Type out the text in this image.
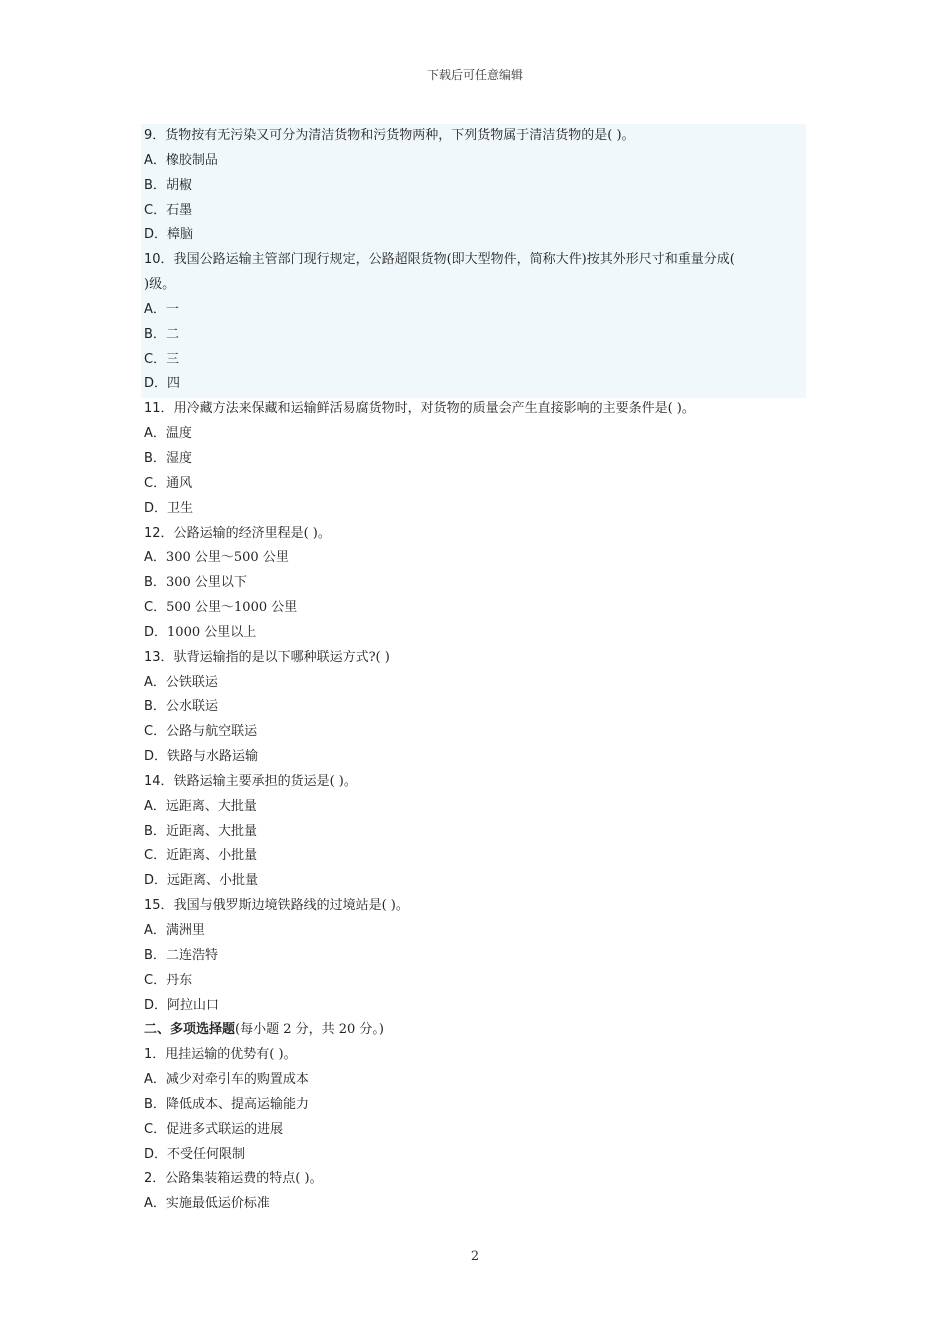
下载后可任意编辑
9．货物按有无污染又可分为清洁货物和污货物两种，下列货物属于清洁货物的是( )。
A．橡胶制品
B．胡椒
C．石墨
D．樟脑
10．我国公路运输主管部门现行规定，公路超限货物(即大型物件，简称大件)按其外形尺寸和重量分成(
)级。
A．一
B．二
C．三
D．四
11．用冷藏方法来保藏和运输鲜活易腐货物时，对货物的质量会产生直接影响的主要条件是( )。
A．温度
B．湿度
C．通风
D．卫生
12．公路运输的经济里程是( )。
A．300 公里～500 公里
B．300 公里以下
C．500 公里～1000 公里
D．1000 公里以上
13．驮背运输指的是以下哪种联运方式?( )
A．公铁联运
B．公水联运
C．公路与航空联运
D．铁路与水路运输
14．铁路运输主要承担的货运是( )。
A．远距离、大批量
B．近距离、大批量
C．近距离、小批量
D．远距离、小批量
15．我国与俄罗斯边境铁路线的过境站是( )。
A．满洲里
B．二连浩特
C．丹东
D．阿拉山口
二、多项选择题(每小题 2 分，共 20 分。)
1．甩挂运输的优势有( )。
A．减少对牵引车的购置成本
B．降低成本、提高运输能力
C．促进多式联运的进展
D．不受任何限制
2．公路集装箱运费的特点( )。
A．实施最低运价标准
2
